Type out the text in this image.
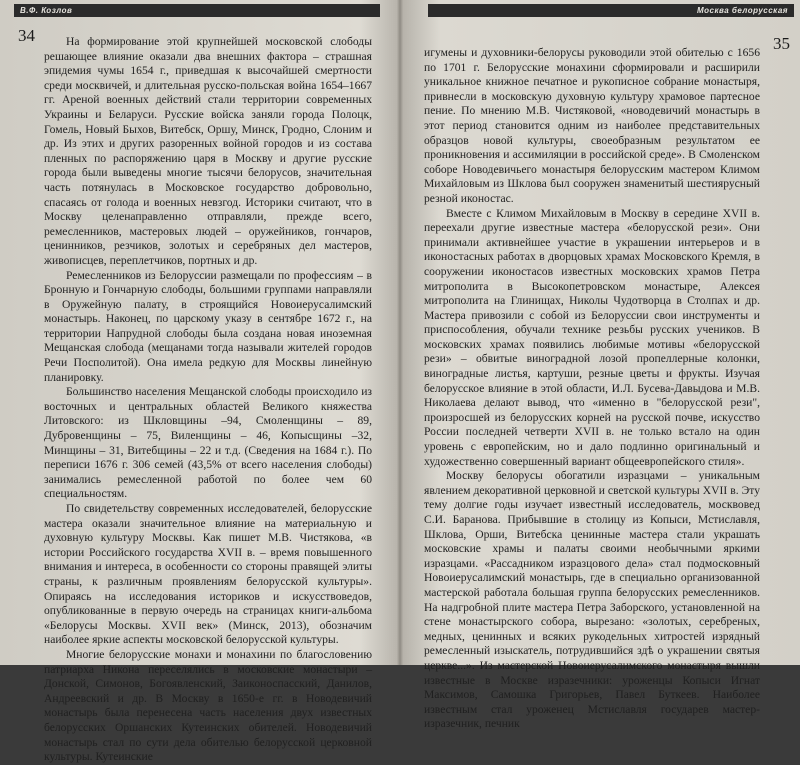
В.Ф. Козлов
34	На формирование этой крупнейшей московской слободы решающее влияние оказали два внешних фактора – страшная эпидемия чумы 1654 г., приведшая к высочайшей смертности среди москвичей, и длительная русско-польская война 1654–1667 гг. Ареной военных действий стали территории современных Украины и Беларуси. Русские войска заняли города Полоцк, Гомель, Новый Быхов, Витебск, Оршу, Минск, Гродно, Слоним и др. Из этих и других разоренных войной городов и из состава пленных по распоряжению царя в Москву и другие русские города были выведены многие тысячи белорусов, значительная часть потянулась в Московское государство добровольно, спасаясь от голода и военных невзгод. Историки считают, что в Москву целенаправленно отправляли, прежде всего, ремесленников, мастеровых людей – оружейников, гончаров, ценинников, резчиков, золотых и серебряных дел мастеров, живописцев, переплетчиков, портных и др.

Ремесленников из Белоруссии размещали по профессиям – в Бронную и Гончарную слободы, большими группами направляли в Оружейную палату, в строящийся Новоиерусалимский монастырь. Наконец, по царскому указу в сентябре 1672 г., на территории Напрудной слободы была создана новая иноземная Мещанская слобода (мещанами тогда называли жителей городов Речи Посполитой). Она имела редкую для Москвы линейную планировку.

Большинство населения Мещанской слободы происходило из восточных и центральных областей Великого княжества Литовского: из Шкловщины –94, Смоленщины – 89, Дубровенщины – 75, Виленщины – 46, Копысщины –32, Минщины – 31, Витебщины – 22 и т.д. (Сведения на 1684 г.). По переписи 1676 г. 306 семей (43,5% от всего населения слободы) занимались ремесленной работой по более чем 60 специальностям.

По свидетельству современных исследователей, белорусские мастера оказали значительное влияние на материальную и духовную культуру Москвы. Как пишет М.В. Чистякова, «в истории Российского государства XVII в. – время повышенного внимания и интереса, в особенности со стороны правящей элиты страны, к различным проявлениям белорусской культуры». Опираясь на исследования историков и искусствоведов, опубликованные в первую очередь на страницах книги-альбома «Белорусы Москвы. XVII век» (Минск, 2013), обозначим наиболее яркие аспекты московской белорусской культуры.

Многие белорусские монахи и монахини по благословению патриарха Никона переселялись в московские монастыри – Донской, Симонов, Богоявленский, Заиконоспасский, Данилов, Андреевский и др. В Москву в 1650-е гг. в Новодевичий монастырь была перенесена часть населения двух известных белорусских Оршанских Кутеинских обителей. Новодевичий монастырь стал по сути дела обителью белорусской церковной культуры. Кутеинские

Москва белорусская
35

игумены и духовники-белорусы руководили этой обителью с 1656 по 1701 г. Белорусские монахини сформировали и расширили уникальное книжное печатное и рукописное собрание монастыря, привнесли в московскую духовную культуру храмовое партесное пение. По мнению М.В. Чистяковой, «новодевичий монастырь в этот период становится одним из наиболее представительных образцов новой культуры, своеобразным результатом ее проникновения и ассимиляции в российской среде». В Смоленском соборе Новодевичьего монастыря белорусским мастером Климом Михайловым из Шклова был сооружен знаменитый шестиярусный резной иконостас.

Вместе с Климом Михайловым в Москву в середине XVII в. переехали другие известные мастера «белорусской рези». Они принимали активнейшее участие в украшении интерьеров и в иконостасных работах в дворцовых храмах Московского Кремля, в сооружении иконостасов известных московских храмов Петра митрополита в Высокопетровском монастыре, Алексея митрополита на Глинищах, Николы Чудотворца в Столпах и др. Мастера привозили с собой из Белоруссии свои инструменты и приспособления, обучали технике резьбы русских учеников. В московских храмах появились любимые мотивы «белорусской рези» – обвитые виноградной лозой пропеллерные колонки, виноградные листья, картуши, резные цветы и фрукты. Изучая белорусское влияние в этой области, И.Л. Бусева-Давыдова и М.В. Николаева делают вывод, что «именно в "белорусской рези", произросшей из белорусских корней на русской почве, искусство России последней четверти XVII в. не только встало на один уровень с европейским, но и дало подлинно оригинальный и художественно совершенный вариант общеевропейского стиля».

Москву белорусы обогатили изразцами – уникальным явлением декоративной церковной и светской культуры XVII в. Эту тему долгие годы изучает известный исследователь, москвовед С.И. Баранова. Прибывшие в столицу из Копыси, Мстиславля, Шклова, Орши, Витебска ценинные мастера стали украшать московские храмы и палаты своими необычными яркими изразцами. «Рассадником изразцового дела» стал подмосковный Новоиерусалимский монастырь, где в специально организованной мастерской работала большая группа белорусских ремесленников. На надгробной плите мастера Петра Заборского, установленной на стене монастырского собора, вырезано: «золотых, серебреных, медных, ценинных и всяких рукодельных хитростей изрядный ремесленный изыскатель, потрудившийся здѣ о украшении святыя церкве...». Из мастерской Новоиерусалимского монастыря вышли известные в Москве изразечники: уроженцы Копыси Игнат Максимов, Самошка Григорьев, Павел Буткеев. Наиболее известным стал уроженец Мстиславля государев мастер-изразечник, печник
